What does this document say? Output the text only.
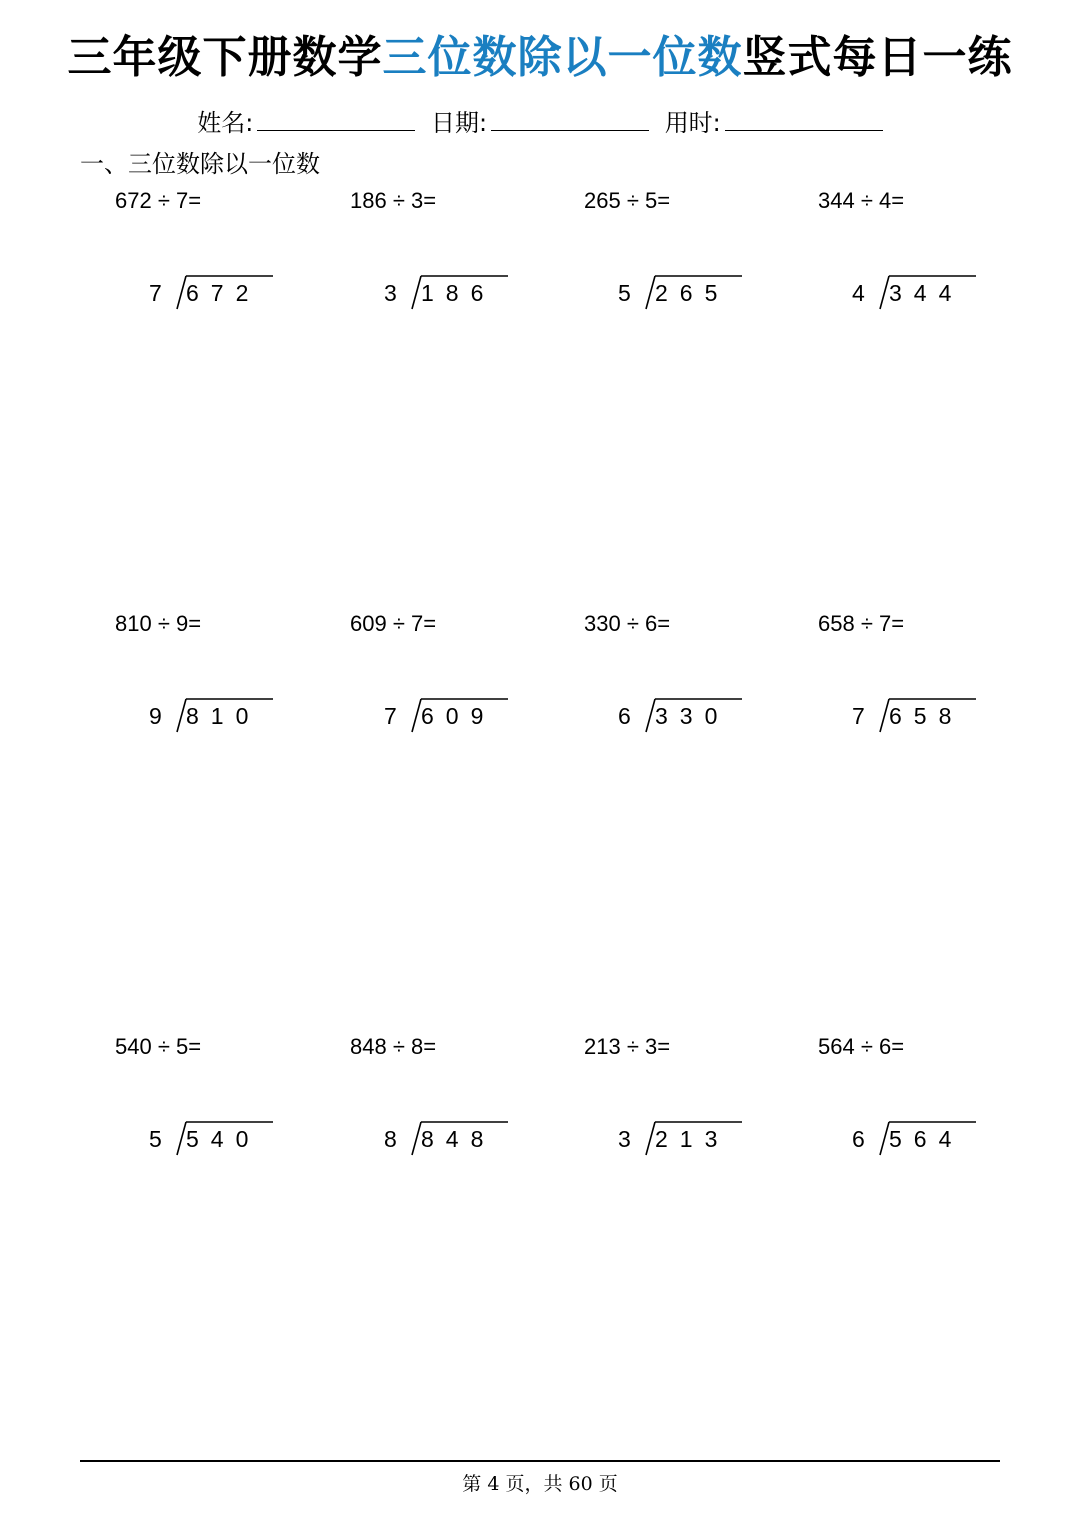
三年级下册数学三位数除以一位数竖式每日一练
姓名:	日期:	用时:
一、三位数除以一位数
672 ÷ 7=
7 672
186 ÷ 3=
3 186
265 ÷ 5=
5 265
344 ÷ 4=
4 344
810 ÷ 9=
9 810
609 ÷ 7=
7 609
330 ÷ 6=
6 330
658 ÷ 7=
7 658
540 ÷ 5=
5 540
848 ÷ 8=
8 848
213 ÷ 3=
3 213
564 ÷ 6=
6 564
第 4 页，共 60 页
